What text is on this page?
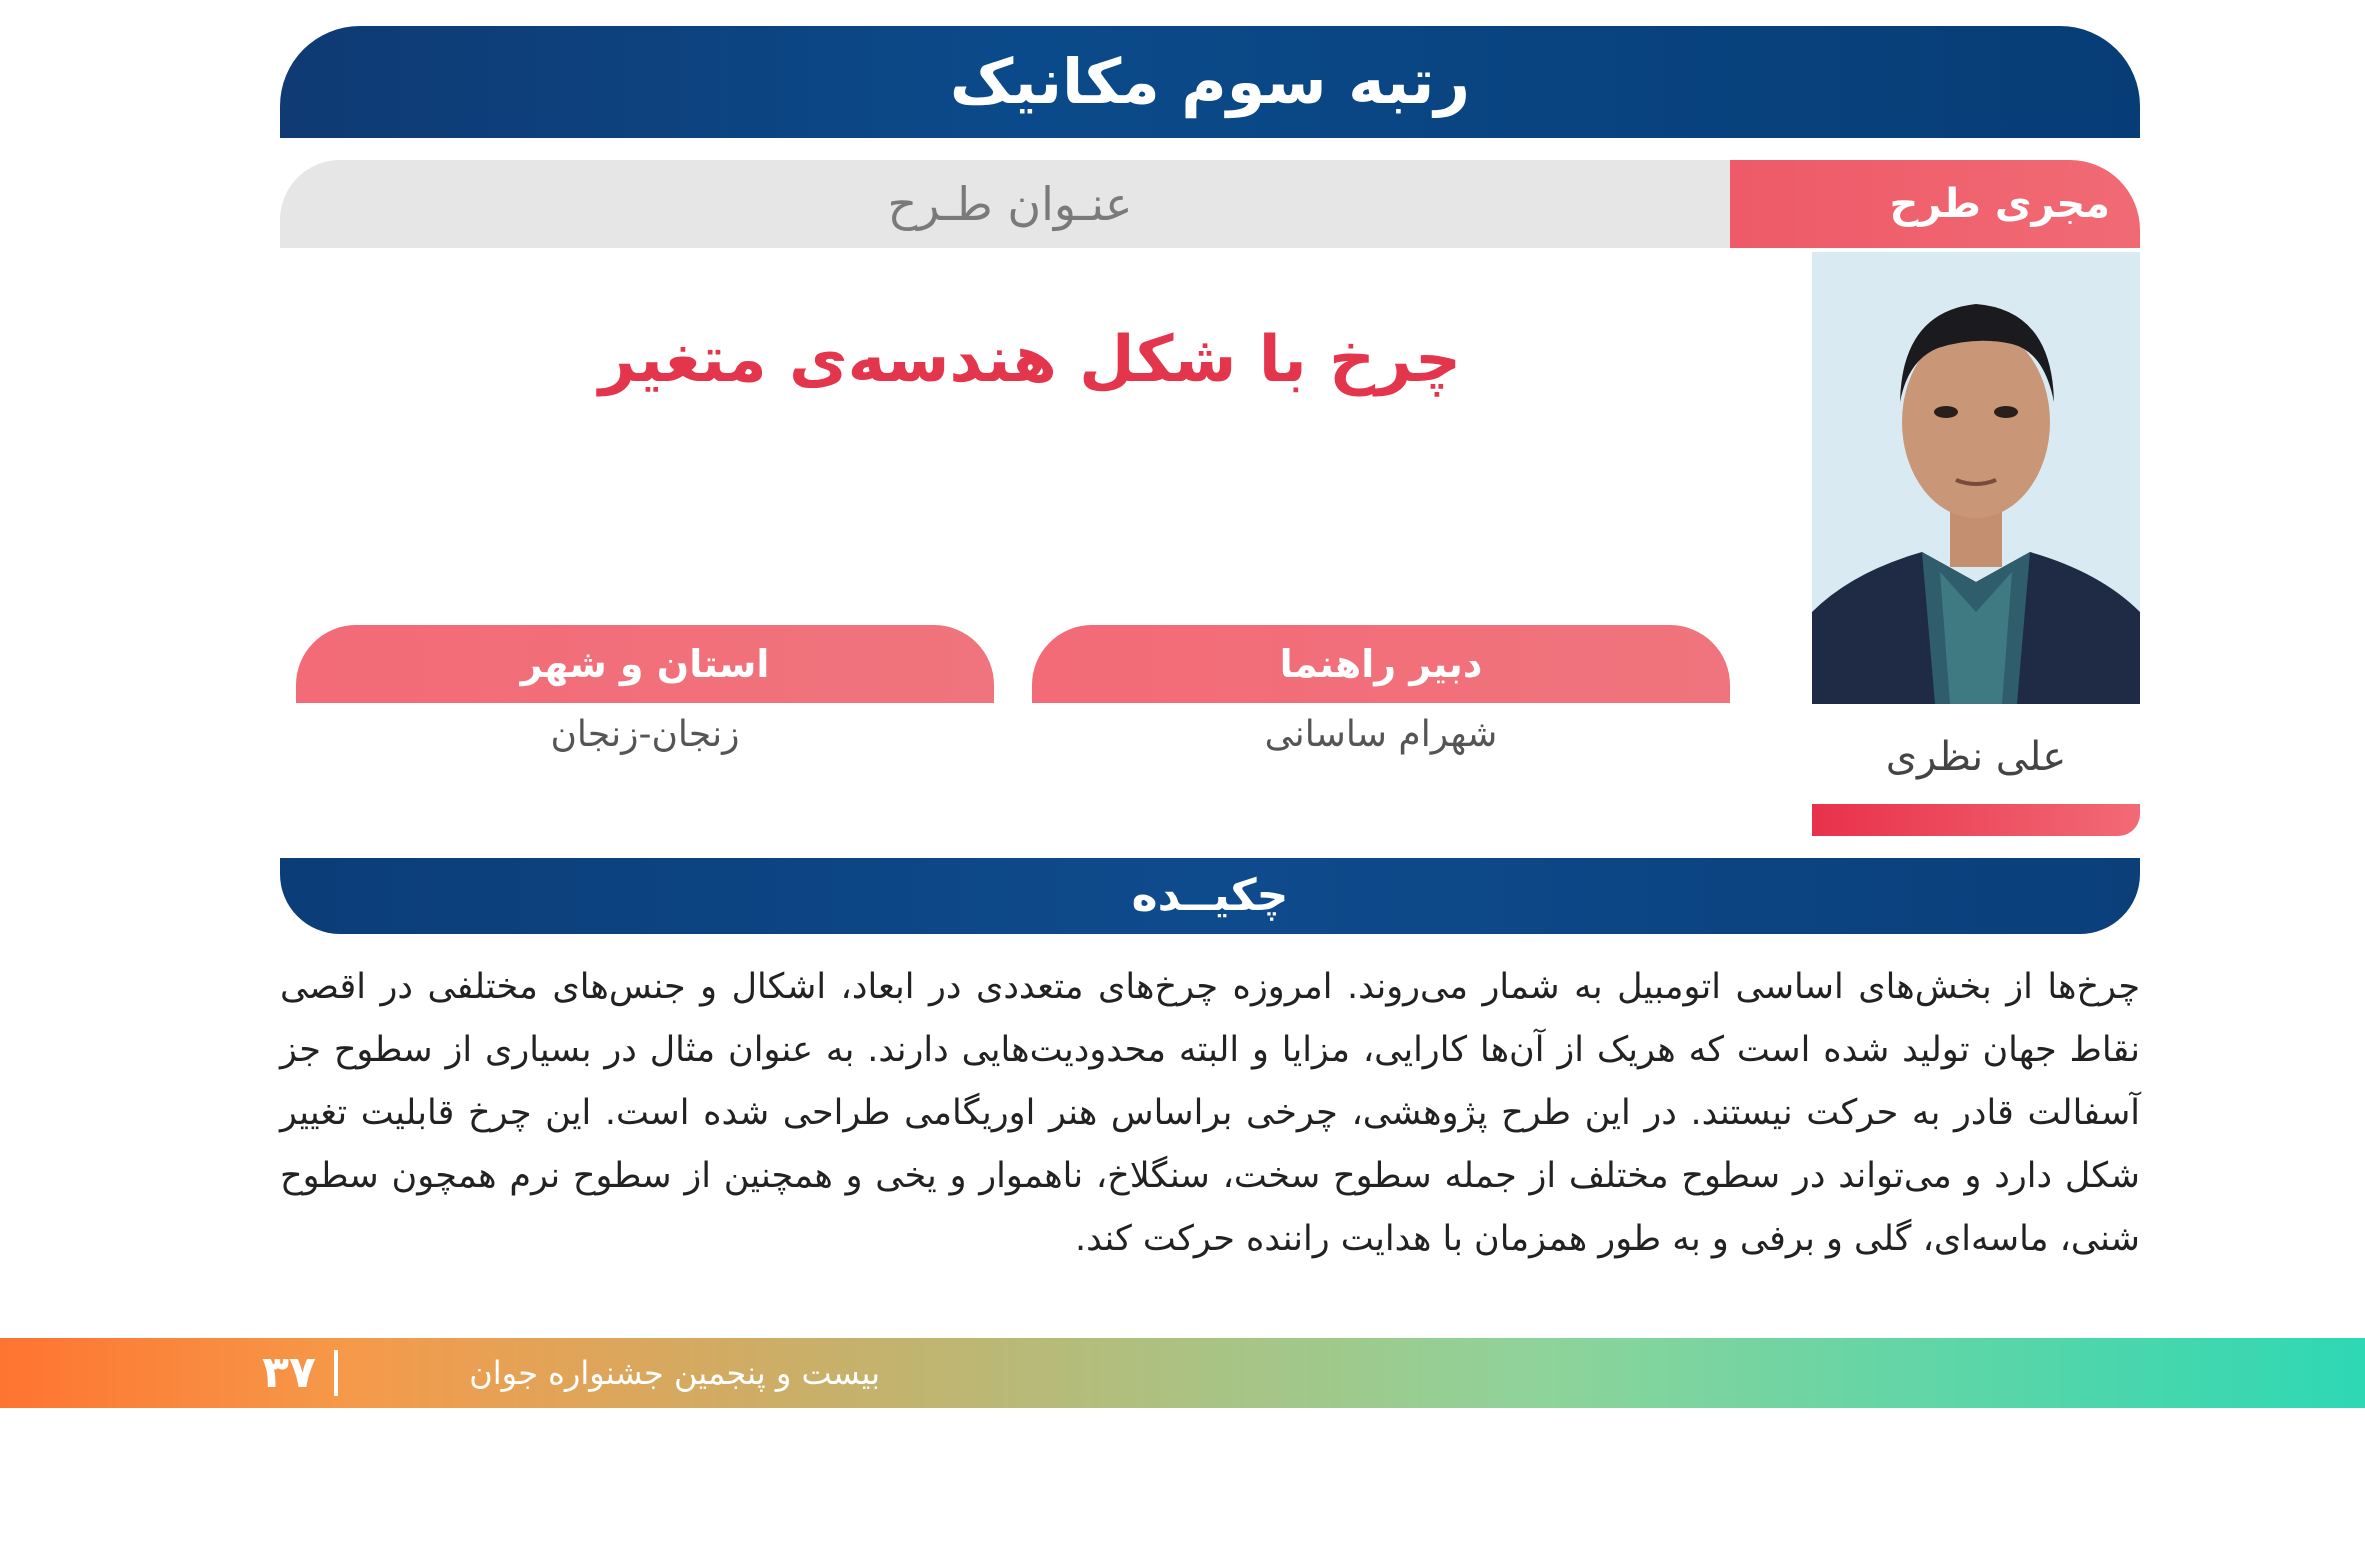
رتبه سوم مکانیک
عنـوان طـرح	مجری طرح
چرخ با شکل هندسه‌ی متغیر
علی نظری
دبیر راهنما
شهرام ساسانی
استان و شهر
زنجان-زنجان
چکیــده
چرخ‌ها از بخش‌های اساسی اتومبیل به شمار می‌روند. امروزه چرخ‌های متعددی در ابعاد، اشکال و جنس‌های مختلفی در اقصی نقاط جهان تولید شده است که هریک از آن‌ها کارایی، مزایا و البته محدودیت‌هایی دارند. به عنوان مثال در بسیاری از سطوح جز آسفالت قادر به حرکت نیستند. در این طرح پژوهشی، چرخی براساس هنر اوریگامی طراحی شده است. این چرخ قابلیت تغییر شکل دارد و می‌تواند در سطوح مختلف از جمله سطوح سخت، سنگلاخ، ناهموار و یخی و همچنین از سطوح نرم همچون سطوح شنی، ماسه‌ای، گلی و برفی و به طور همزمان با هدایت راننده حرکت کند.
بیست و پنجمین جشنواره جوان خوارزمی
۳۷
